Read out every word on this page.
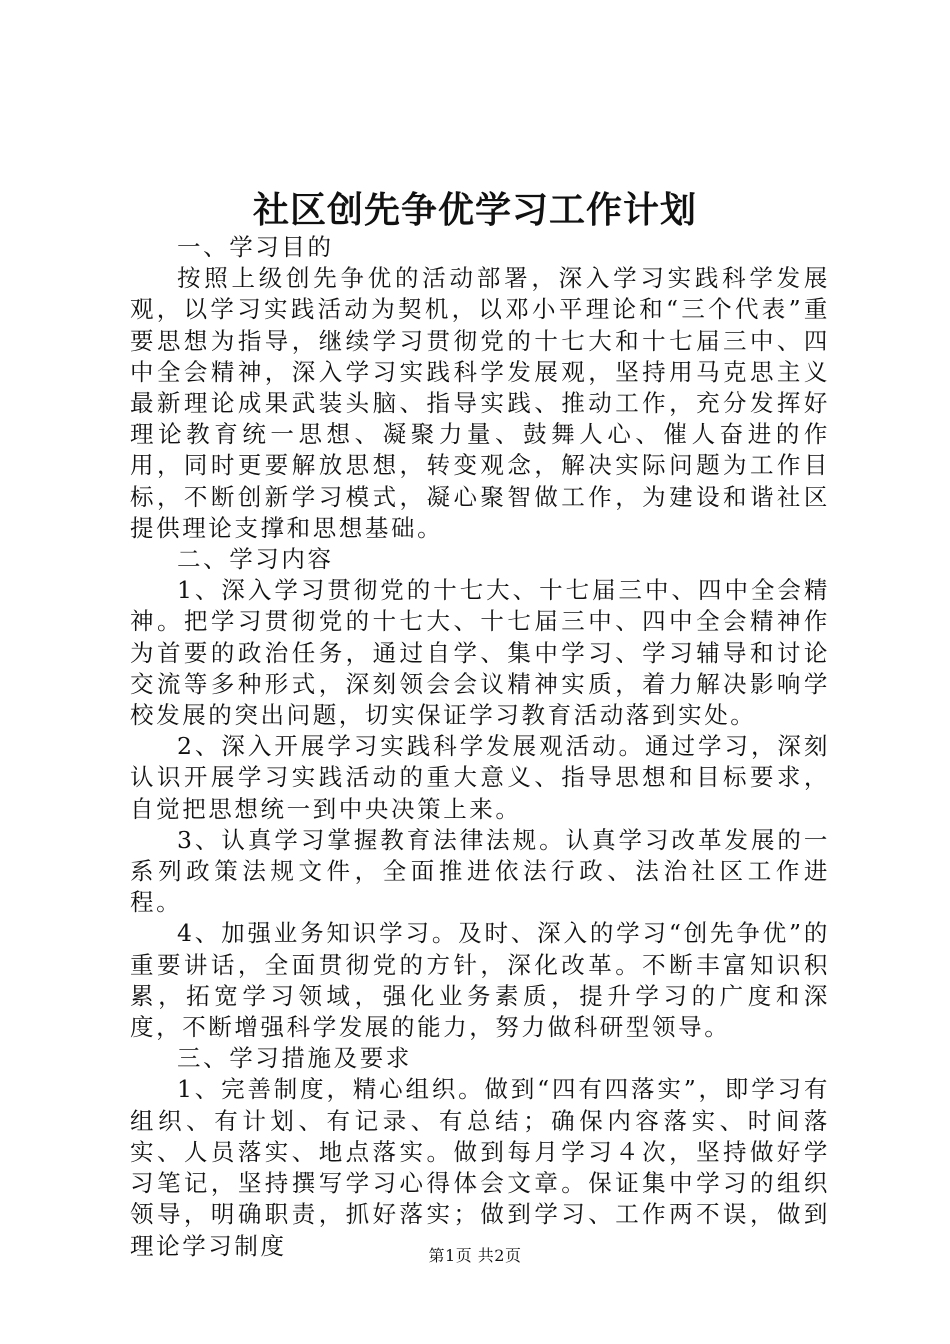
社区创先争优学习工作计划

一、学习目的

按照上级创先争优的活动部署，深入学习实践科学发展观，以学习实践活动为契机，以邓小平理论和“三个代表”重要思想为指导，继续学习贯彻党的十七大和十七届三中、四中全会精神，深入学习实践科学发展观，坚持用马克思主义最新理论成果武装头脑、指导实践、推动工作，充分发挥好理论教育统一思想、凝聚力量、鼓舞人心、催人奋进的作用，同时更要解放思想，转变观念，解决实际问题为工作目标，不断创新学习模式，凝心聚智做工作，为建设和谐社区提供理论支撑和思想基础。

二、学习内容

1、深入学习贯彻党的十七大、十七届三中、四中全会精神。把学习贯彻党的十七大、十七届三中、四中全会精神作为首要的政治任务，通过自学、集中学习、学习辅导和讨论交流等多种形式，深刻领会会议精神实质，着力解决影响学校发展的突出问题，切实保证学习教育活动落到实处。

2、深入开展学习实践科学发展观活动。通过学习，深刻认识开展学习实践活动的重大意义、指导思想和目标要求，自觉把思想统一到中央决策上来。

3、认真学习掌握教育法律法规。认真学习改革发展的一系列政策法规文件，全面推进依法行政、法治社区工作进程。

4、加强业务知识学习。及时、深入的学习“创先争优”的重要讲话，全面贯彻党的方针，深化改革。不断丰富知识积累，拓宽学习领域，强化业务素质，提升学习的广度和深度，不断增强科学发展的能力，努力做科研型领导。

三、学习措施及要求

1、完善制度，精心组织。做到“四有四落实”，即学习有组织、有计划、有记录、有总结；确保内容落实、时间落实、人员落实、地点落实。做到每月学习４次，坚持做好学习笔记，坚持撰写学习心得体会文章。保证集中学习的组织领导，明确职责，抓好落实；做到学习、工作两不误，做到理论学习制度	第1页 共2页
